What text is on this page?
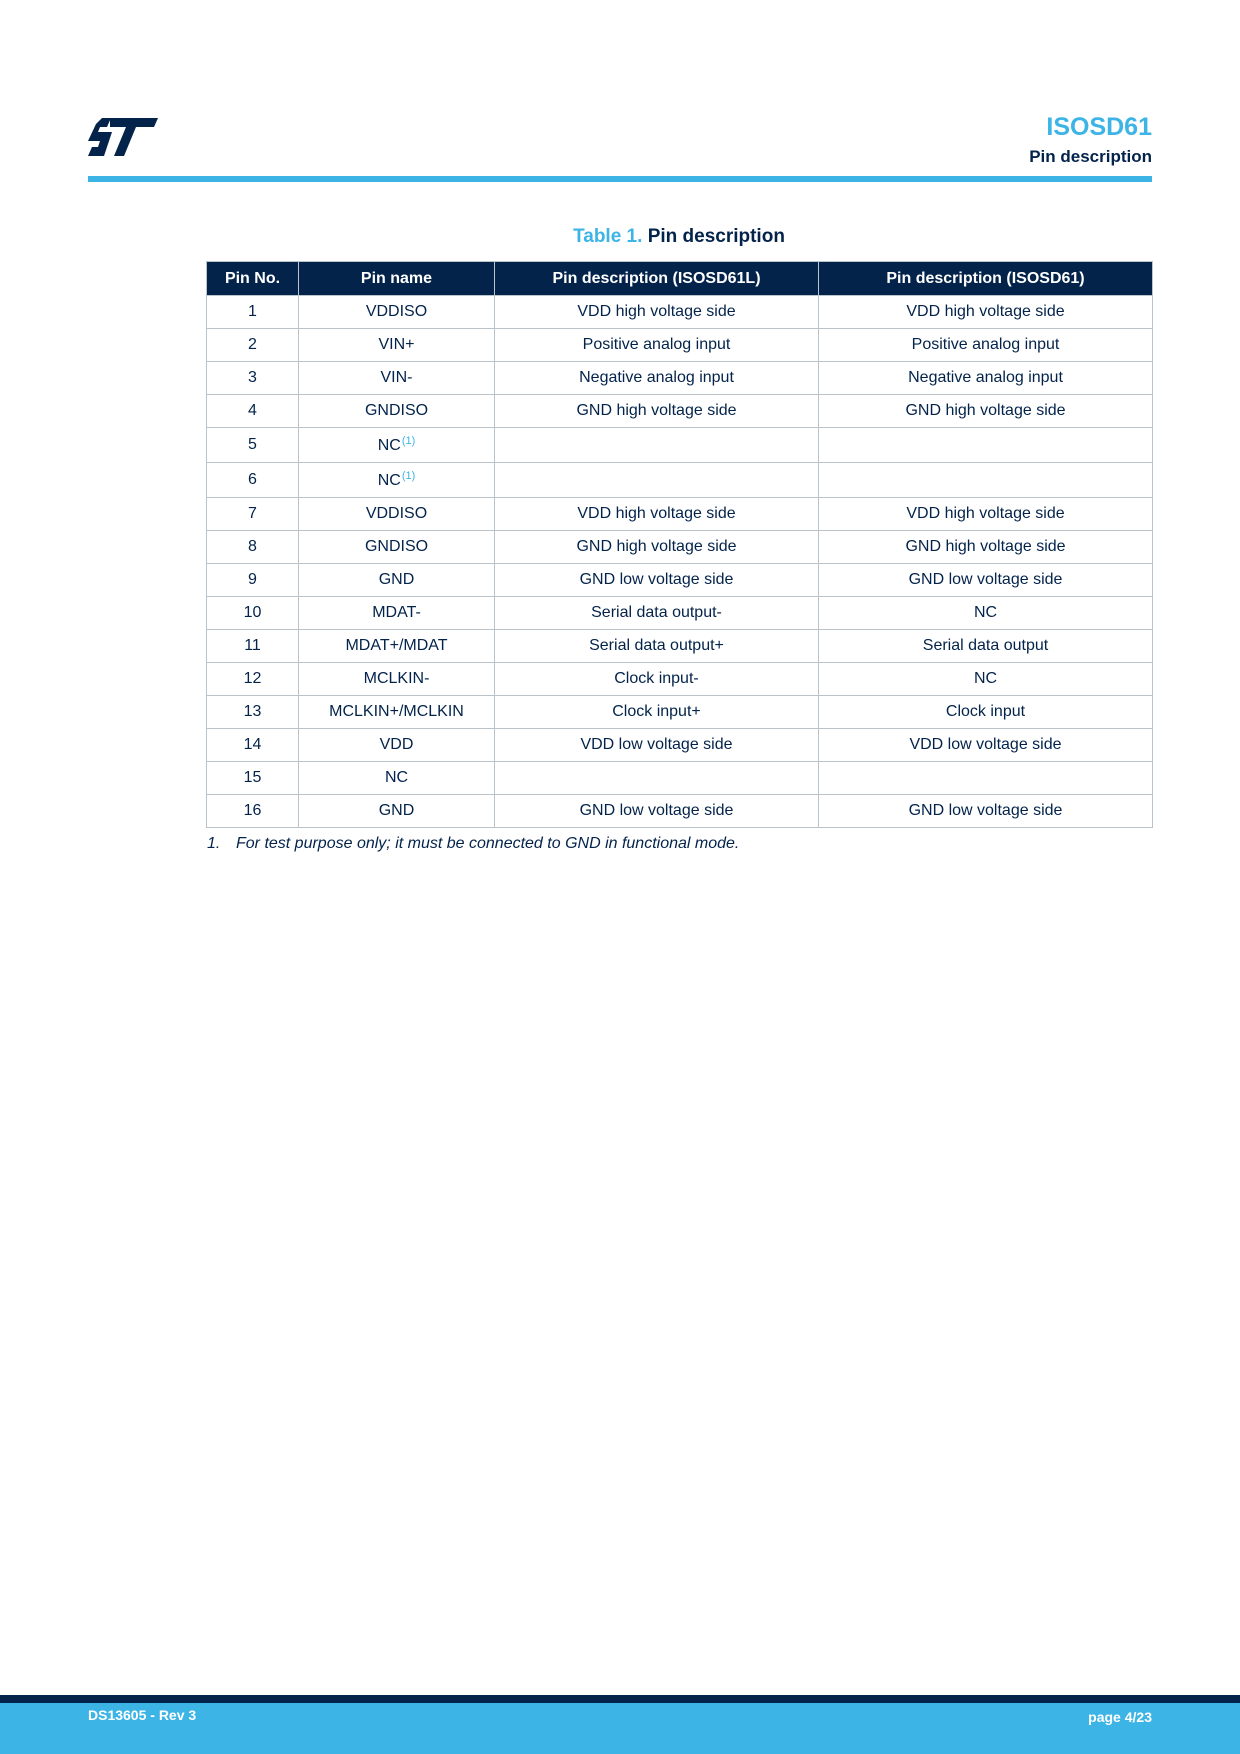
ISOSD61
Pin description
Table 1. Pin description
Pin No.	Pin name	Pin description (ISOSD61L)	Pin description (ISOSD61)
1	VDDISO	VDD high voltage side	VDD high voltage side
2	VIN+	Positive analog input	Positive analog input
3	VIN-	Negative analog input	Negative analog input
4	GNDISO	GND high voltage side	GND high voltage side
5	NC$^{(1)}$		
6	NC$^{(1)}$		
7	VDDISO	VDD high voltage side	VDD high voltage side
8	GNDISO	GND high voltage side	GND high voltage side
9	GND	GND low voltage side	GND low voltage side
10	MDAT-	Serial data output-	NC
11	MDAT+/MDAT	Serial data output+	Serial data output
12	MCLKIN-	Clock input-	NC
13	MCLKIN+/MCLKIN	Clock input+	Clock input
14	VDD	VDD low voltage side	VDD low voltage side
15	NC		
16	GND	GND low voltage side	GND low voltage side
1. For test purpose only; it must be connected to GND in functional mode.
DS13605 - Rev 3	page 4/23
